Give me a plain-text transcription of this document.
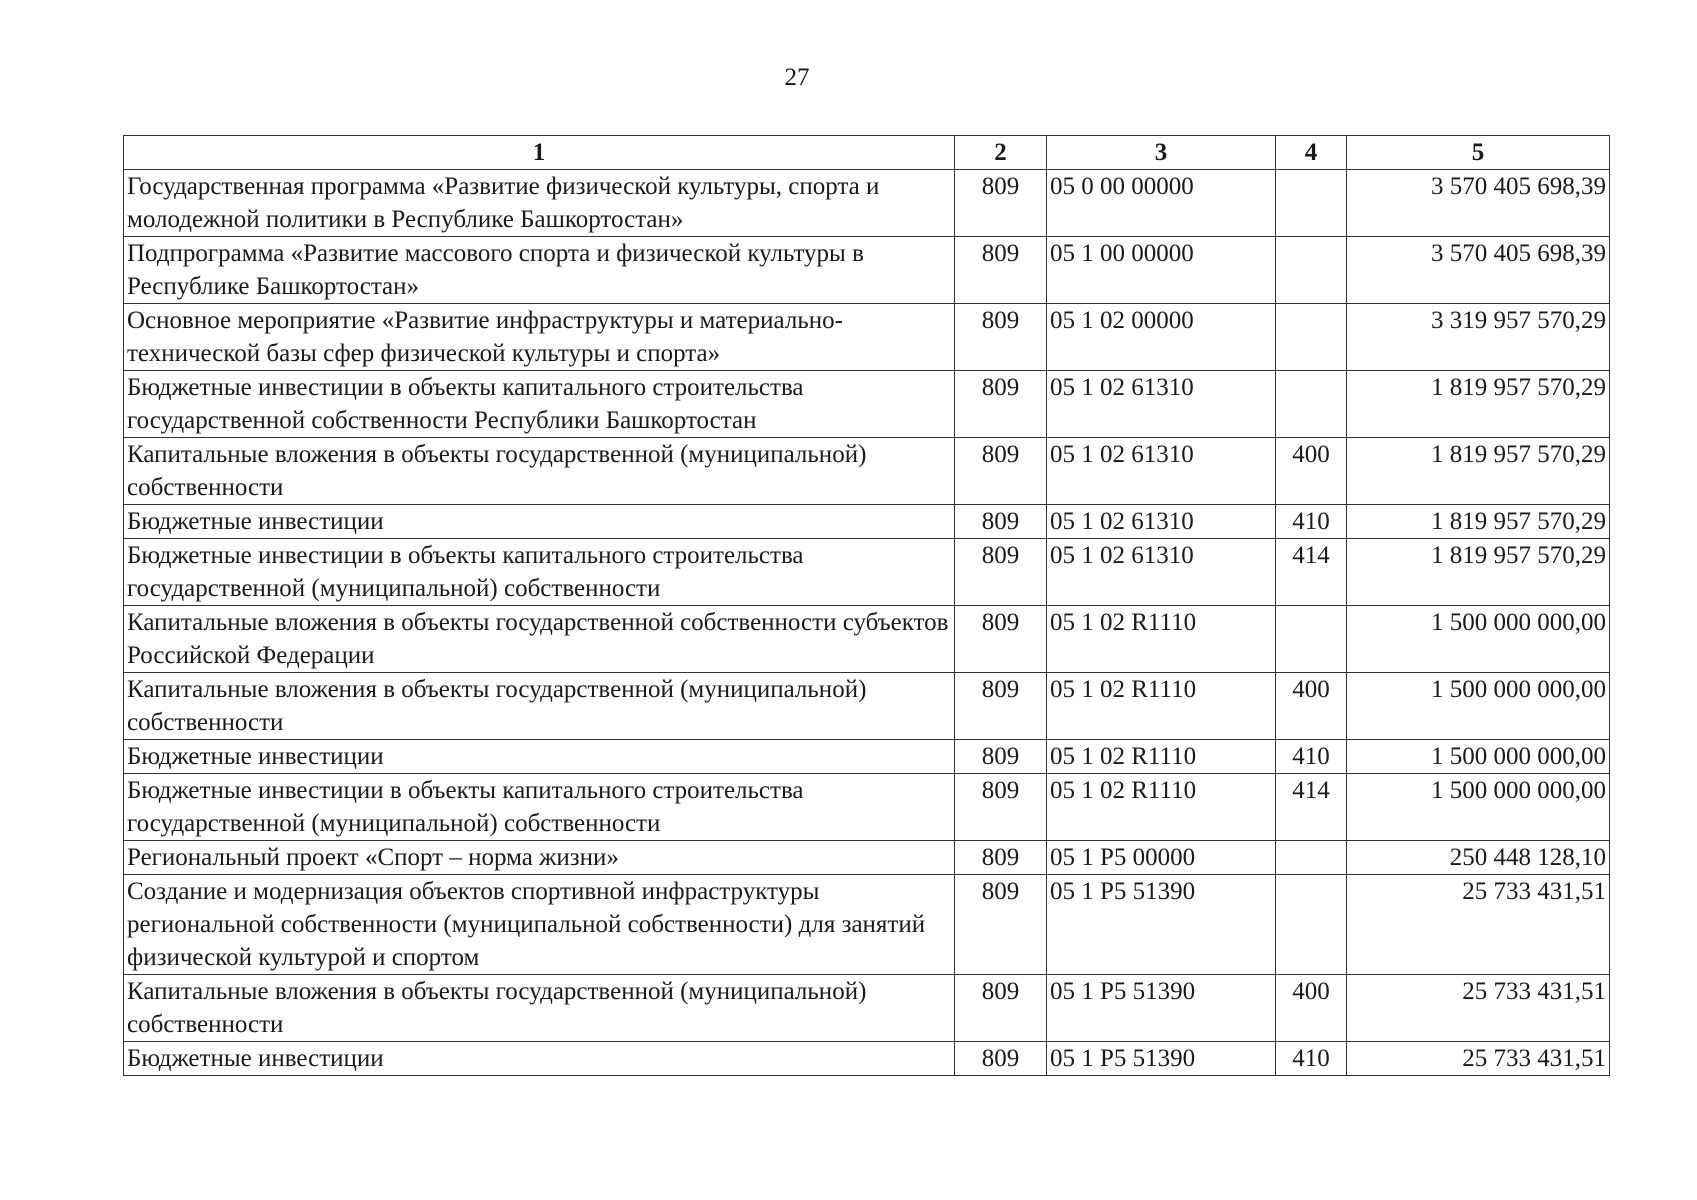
27
1	2	3	4	5
Государственная программа «Развитие физической культуры, спорта и молодежной политики в Республике Башкортостан»	809	05 0 00 00000		3 570 405 698,39
Подпрограмма «Развитие массового спорта и физической культуры в Республике Башкортостан»	809	05 1 00 00000		3 570 405 698,39
Основное мероприятие «Развитие инфраструктуры и материально-технической базы сфер физической культуры и спорта»	809	05 1 02 00000		3 319 957 570,29
Бюджетные инвестиции в объекты капитального строительства государственной собственности Республики Башкортостан	809	05 1 02 61310		1 819 957 570,29
Капитальные вложения в объекты государственной (муниципальной) собственности	809	05 1 02 61310	400	1 819 957 570,29
Бюджетные инвестиции	809	05 1 02 61310	410	1 819 957 570,29
Бюджетные инвестиции в объекты капитального строительства государственной (муниципальной) собственности	809	05 1 02 61310	414	1 819 957 570,29
Капитальные вложения в объекты государственной собственности субъектов Российской Федерации	809	05 1 02 R1110		1 500 000 000,00
Капитальные вложения в объекты государственной (муниципальной) собственности	809	05 1 02 R1110	400	1 500 000 000,00
Бюджетные инвестиции	809	05 1 02 R1110	410	1 500 000 000,00
Бюджетные инвестиции в объекты капитального строительства государственной (муниципальной) собственности	809	05 1 02 R1110	414	1 500 000 000,00
Региональный проект «Спорт – норма жизни»	809	05 1 P5 00000		250 448 128,10
Создание и модернизация объектов спортивной инфраструктуры региональной собственности (муниципальной собственности) для занятий физической культурой и спортом	809	05 1 P5 51390		25 733 431,51
Капитальные вложения в объекты государственной (муниципальной) собственности	809	05 1 P5 51390	400	25 733 431,51
Бюджетные инвестиции	809	05 1 P5 51390	410	25 733 431,51
